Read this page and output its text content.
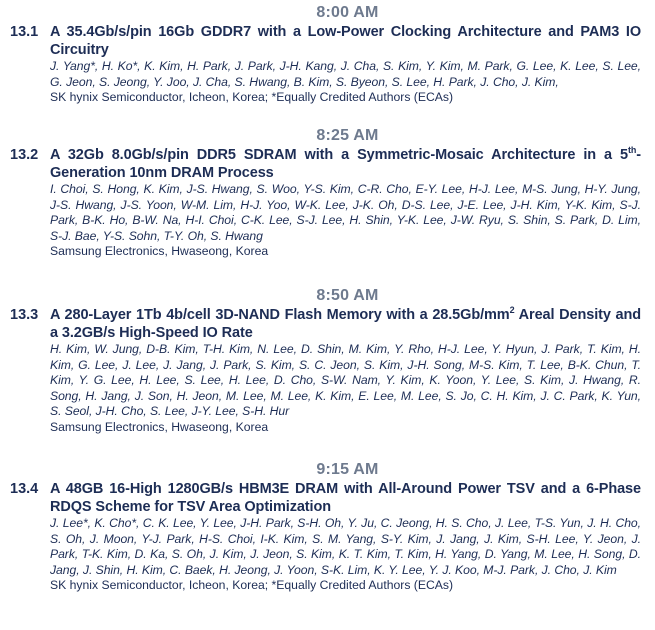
8:00 AM
13.1 A 35.4Gb/s/pin 16Gb GDDR7 with a Low-Power Clocking Architecture and PAM3 IO Circuitry
J. Yang*, H. Ko*, K. Kim, H. Park, J. Park, J-H. Kang, J. Cha, S. Kim, Y. Kim, M. Park, G. Lee, K. Lee, S. Lee, G. Jeon, S. Jeong, Y. Joo, J. Cha, S. Hwang, B. Kim, S. Byeon, S. Lee, H. Park, J. Cho, J. Kim,
SK hynix Semiconductor, Icheon, Korea; *Equally Credited Authors (ECAs)
8:25 AM
13.2 A 32Gb 8.0Gb/s/pin DDR5 SDRAM with a Symmetric-Mosaic Architecture in a 5th-Generation 10nm DRAM Process
I. Choi, S. Hong, K. Kim, J-S. Hwang, S. Woo, Y-S. Kim, C-R. Cho, E-Y. Lee, H-J. Lee, M-S. Jung, H-Y. Jung, J-S. Hwang, J-S. Yoon, W-M. Lim, H-J. Yoo, W-K. Lee, J-K. Oh, D-S. Lee, J-E. Lee, J-H. Kim, Y-K. Kim, S-J. Park, B-K. Ho, B-W. Na, H-I. Choi, C-K. Lee, S-J. Lee, H. Shin, Y-K. Lee, J-W. Ryu, S. Shin, S. Park, D. Lim, S-J. Bae, Y-S. Sohn, T-Y. Oh, S. Hwang
Samsung Electronics, Hwaseong, Korea
8:50 AM
13.3 A 280-Layer 1Tb 4b/cell 3D-NAND Flash Memory with a $28.5Gb/mm^2$ Areal Density and a 3.2GB/s High-Speed IO Rate
H. Kim, W. Jung, D-B. Kim, T-H. Kim, N. Lee, D. Shin, M. Kim, Y. Rho, H-J. Lee, Y. Hyun, J. Park, T. Kim, H. Kim, G. Lee, J. Lee, J. Jang, J. Park, S. Kim, S. C. Jeon, S. Kim, J-H. Song, M-S. Kim, T. Lee, B-K. Chun, T. Kim, Y. G. Lee, H. Lee, S. Lee, H. Lee, D. Cho, S-W. Nam, Y. Kim, K. Yoon, Y. Lee, S. Kim, J. Hwang, R. Song, H. Jang, J. Son, H. Jeon, M. Lee, M. Lee, K. Kim, E. Lee, M. Lee, S. Jo, C. H. Kim, J. C. Park, K. Yun, S. Seol, J-H. Cho, S. Lee, J-Y. Lee, S-H. Hur
Samsung Electronics, Hwaseong, Korea
9:15 AM
13.4 A 48GB 16-High 1280GB/s HBM3E DRAM with All-Around Power TSV and a 6-Phase RDQS Scheme for TSV Area Optimization
J. Lee*, K. Cho*, C. K. Lee, Y. Lee, J-H. Park, S-H. Oh, Y. Ju, C. Jeong, H. S. Cho, J. Lee, T-S. Yun, J. H. Cho, S. Oh, J. Moon, Y-J. Park, H-S. Choi, I-K. Kim, S. M. Yang, S-Y. Kim, J. Jang, J. Kim, S-H. Lee, Y. Jeon, J. Park, T-K. Kim, D. Ka, S. Oh, J. Kim, J. Jeon, S. Kim, K. T. Kim, T. Kim, H. Yang, D. Yang, M. Lee, H. Song, D. Jang, J. Shin, H. Kim, C. Baek, H. Jeong, J. Yoon, S-K. Lim, K. Y. Lee, Y. J. Koo, M-J. Park, J. Cho, J. Kim
SK hynix Semiconductor, Icheon, Korea; *Equally Credited Authors (ECAs)
